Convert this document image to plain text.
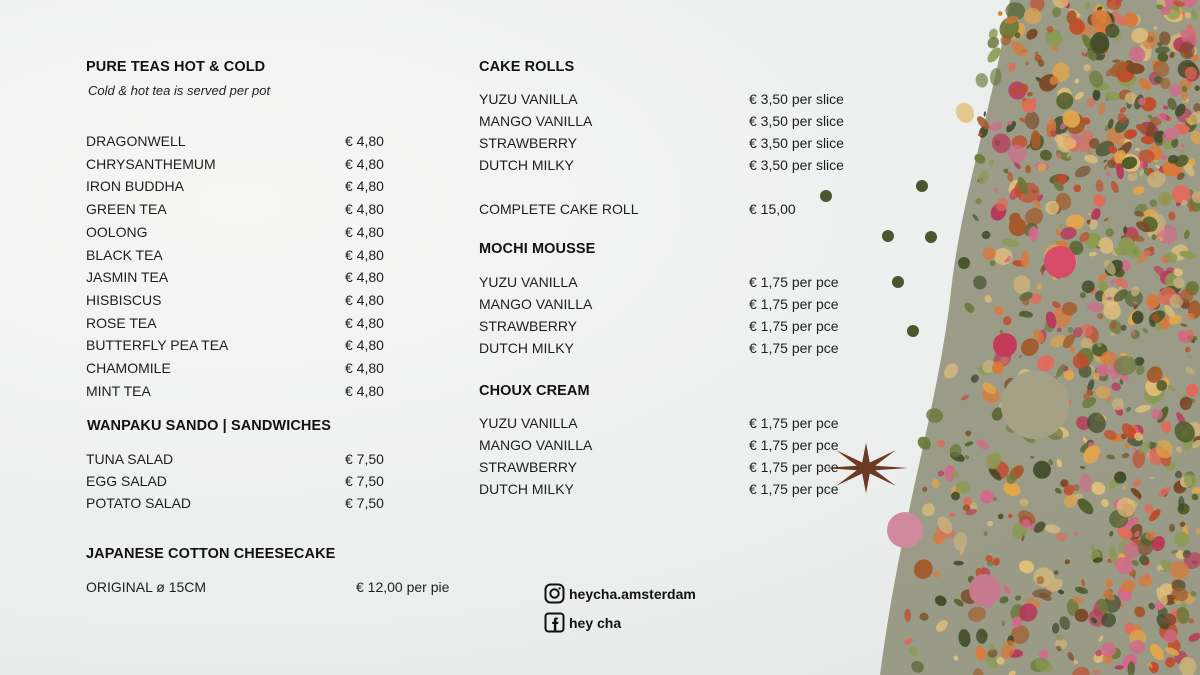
PURE TEAS HOT & COLD
Cold & hot tea is served per pot
DRAGONWELL	€ 4,80
CHRYSANTHEMUM	€ 4,80
IRON BUDDHA	€ 4,80
GREEN TEA	€ 4,80
OOLONG	€ 4,80
BLACK TEA	€ 4,80
JASMIN TEA	€ 4,80
HISBISCUS	€ 4,80
ROSE TEA	€ 4,80
BUTTERFLY PEA TEA	€ 4,80
CHAMOMILE	€ 4,80
MINT TEA	€ 4,80
WANPAKU SANDO | SANDWICHES
TUNA SALAD	€ 7,50
EGG SALAD	€ 7,50
POTATO SALAD	€ 7,50
JAPANESE COTTON CHEESECAKE
ORIGINAL ø 15CM	€ 12,00 per pie
CAKE ROLLS
YUZU VANILLA	€ 3,50 per slice
MANGO VANILLA	€ 3,50 per slice
STRAWBERRY	€ 3,50 per slice
DUTCH MILKY	€ 3,50 per slice
COMPLETE CAKE ROLL	€ 15,00
MOCHI MOUSSE
YUZU VANILLA	€ 1,75 per pce
MANGO VANILLA	€ 1,75 per pce
STRAWBERRY	€ 1,75 per pce
DUTCH MILKY	€ 1,75 per pce
CHOUX CREAM
YUZU VANILLA	€ 1,75 per pce
MANGO VANILLA	€ 1,75 per pce
STRAWBERRY	€ 1,75 per pce
DUTCH MILKY	€ 1,75 per pce
heycha.amsterdam
hey cha
